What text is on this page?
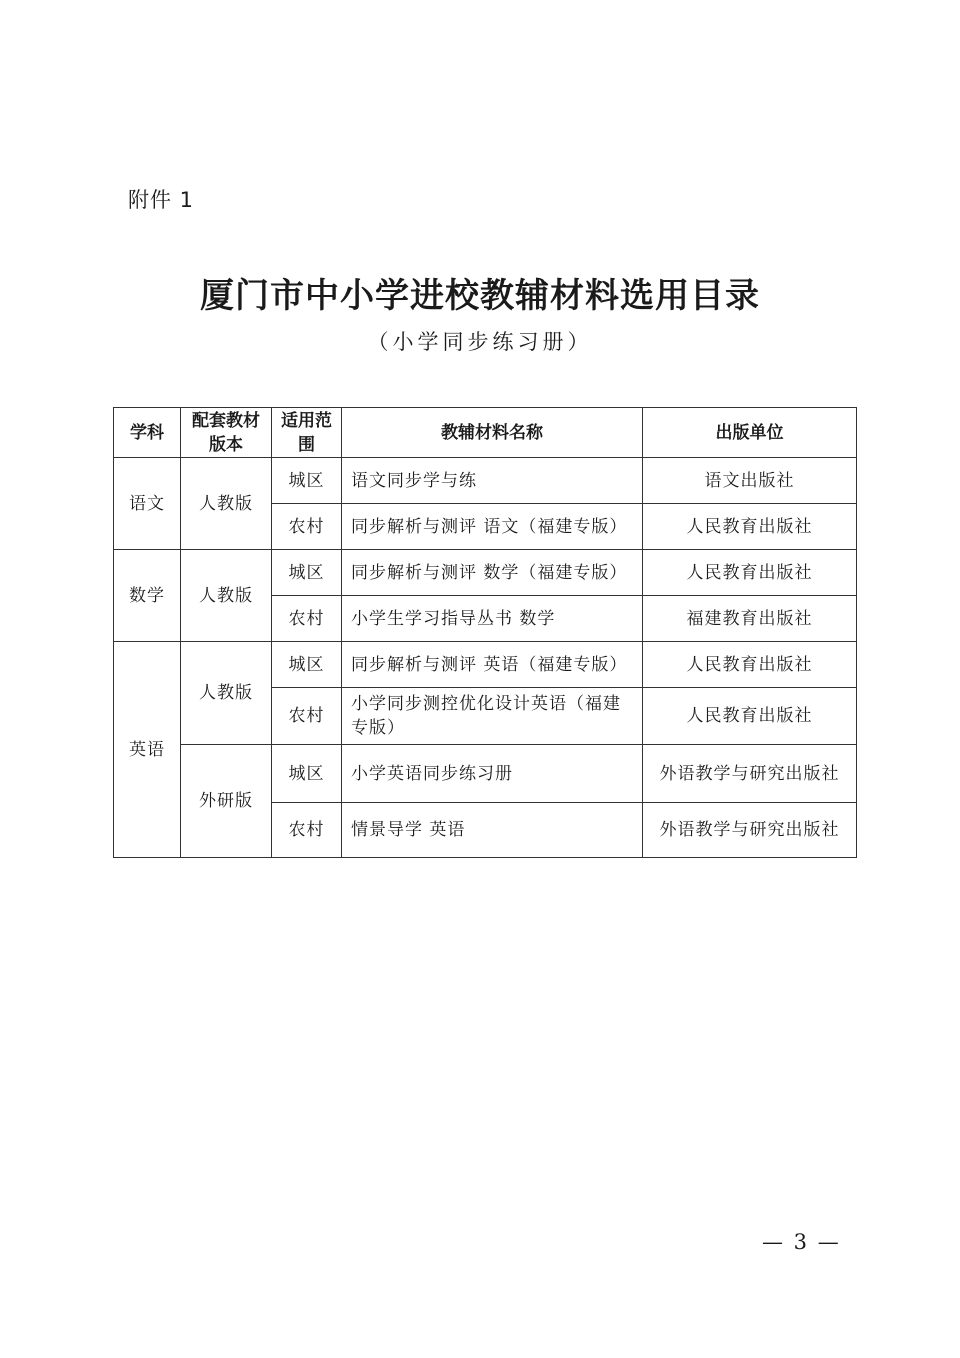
附件 1
厦门市中小学进校教辅材料选用目录
（小学同步练习册）
学科	配套教材版本	适用范围	教辅材料名称	出版单位
语文	人教版	城区	语文同步学与练	语文出版社
		农村	同步解析与测评 语文（福建专版）	人民教育出版社
数学	人教版	城区	同步解析与测评 数学（福建专版）	人民教育出版社
		农村	小学生学习指导丛书 数学	福建教育出版社
英语	人教版	城区	同步解析与测评 英语（福建专版）	人民教育出版社
		农村	小学同步测控优化设计英语（福建专版）	人民教育出版社
	外研版	城区	小学英语同步练习册	外语教学与研究出版社
		农村	情景导学 英语	外语教学与研究出版社
— 3 —
